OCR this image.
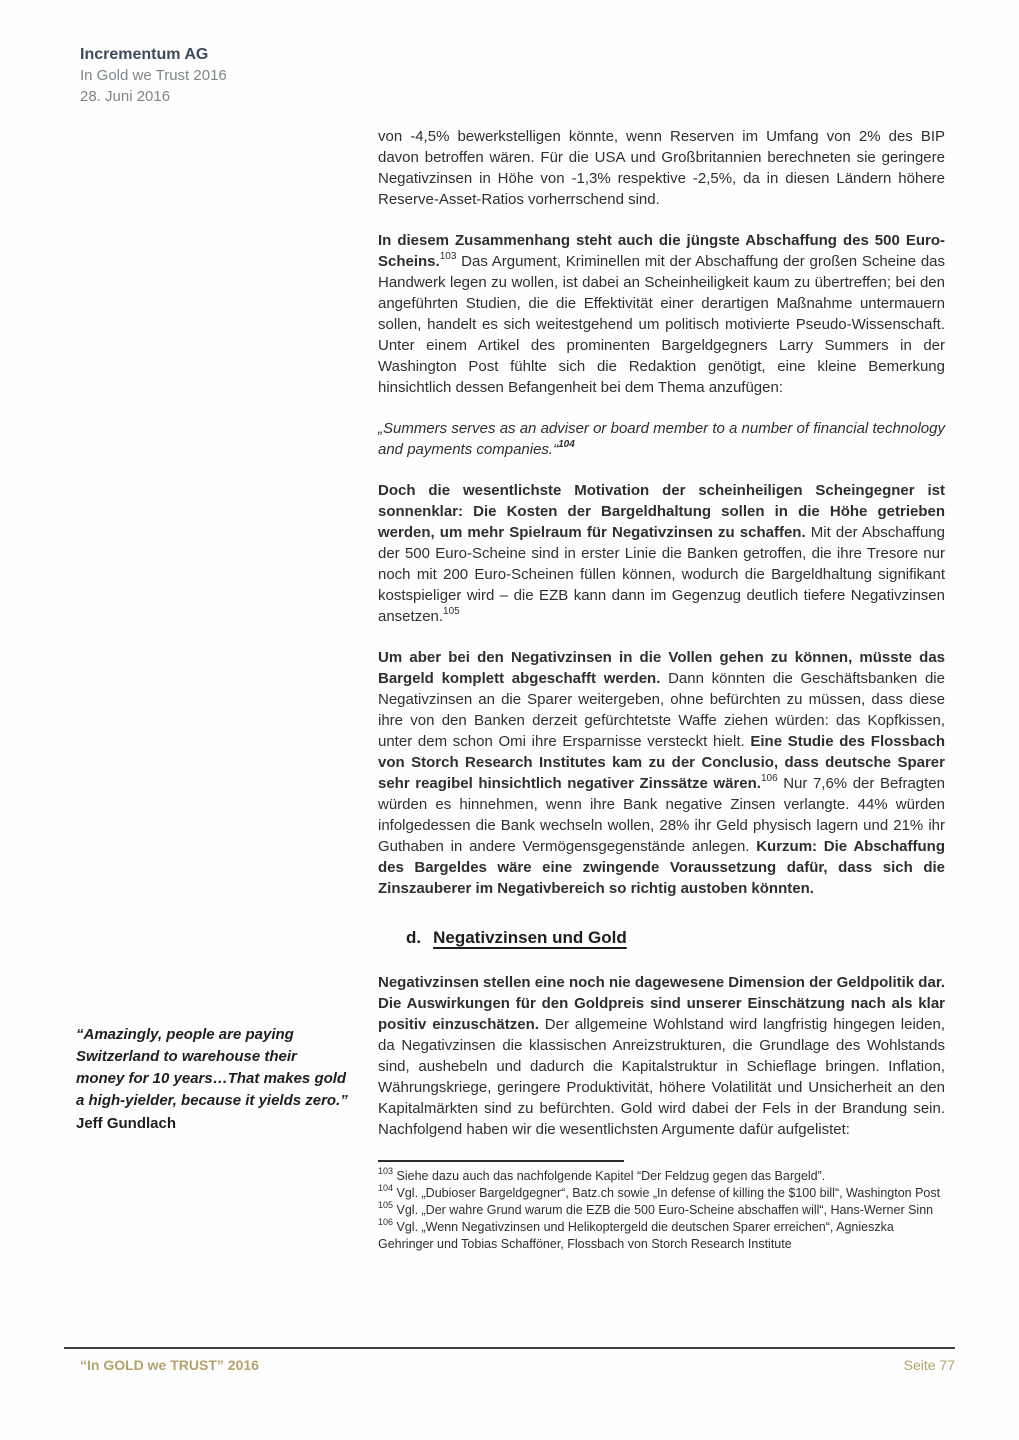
Incrementum AG
In Gold we Trust 2016
28. Juni 2016
“Amazingly, people are paying Switzerland to warehouse their money for 10 years…That makes gold a high-yielder, because it yields zero.”
Jeff Gundlach

von -4,5% bewerkstelligen könnte, wenn Reserven im Umfang von 2% des BIP davon betroffen wären. Für die USA und Großbritannien berechneten sie geringere Negativzinsen in Höhe von -1,3% respektive -2,5%, da in diesen Ländern höhere Reserve-Asset-Ratios vorherrschend sind.

In diesem Zusammenhang steht auch die jüngste Abschaffung des 500 Euro-Scheins.$^{103}$ Das Argument, Kriminellen mit der Abschaffung der großen Scheine das Handwerk legen zu wollen, ist dabei an Scheinheiligkeit kaum zu übertreffen; bei den angeführten Studien, die die Effektivität einer derartigen Maßnahme untermauern sollen, handelt es sich weitestgehend um politisch motivierte Pseudo-Wissenschaft. Unter einem Artikel des prominenten Bargeldgegners Larry Summers in der Washington Post fühlte sich die Redaktion genötigt, eine kleine Bemerkung hinsichtlich dessen Befangenheit bei dem Thema anzufügen:

„Summers serves as an adviser or board member to a number of financial technology and payments companies.“$^{104}$

Doch die wesentlichste Motivation der scheinheiligen Scheingegner ist sonnenklar: Die Kosten der Bargeldhaltung sollen in die Höhe getrieben werden, um mehr Spielraum für Negativzinsen zu schaffen. Mit der Abschaffung der 500 Euro-Scheine sind in erster Linie die Banken getroffen, die ihre Tresore nur noch mit 200 Euro-Scheinen füllen können, wodurch die Bargeldhaltung signifikant kostspieliger wird – die EZB kann dann im Gegenzug deutlich tiefere Negativzinsen ansetzen.$^{105}$

Um aber bei den Negativzinsen in die Vollen gehen zu können, müsste das Bargeld komplett abgeschafft werden. Dann könnten die Geschäftsbanken die Negativzinsen an die Sparer weitergeben, ohne befürchten zu müssen, dass diese ihre von den Banken derzeit gefürchtetste Waffe ziehen würden: das Kopfkissen, unter dem schon Omi ihre Ersparnisse versteckt hielt. Eine Studie des Flossbach von Storch Research Institutes kam zu der Conclusio, dass deutsche Sparer sehr reagibel hinsichtlich negativer Zinssätze wären.$^{106}$ Nur 7,6% der Befragten würden es hinnehmen, wenn ihre Bank negative Zinsen verlangte. 44% würden infolgedessen die Bank wechseln wollen, 28% ihr Geld physisch lagern und 21% ihr Guthaben in andere Vermögensgegenstände anlegen. Kurzum: Die Abschaffung des Bargeldes wäre eine zwingende Voraussetzung dafür, dass sich die Zinszauberer im Negativbereich so richtig austoben könnten.

d. Negativzinsen und Gold

Negativzinsen stellen eine noch nie dagewesene Dimension der Geldpolitik dar. Die Auswirkungen für den Goldpreis sind unserer Einschätzung nach als klar positiv einzuschätzen. Der allgemeine Wohlstand wird langfristig hingegen leiden, da Negativzinsen die klassischen Anreizstrukturen, die Grundlage des Wohlstands sind, aushebeln und dadurch die Kapitalstruktur in Schieflage bringen. Inflation, Währungskriege, geringere Produktivität, höhere Volatilität und Unsicherheit an den Kapitalmärkten sind zu befürchten. Gold wird dabei der Fels in der Brandung sein. Nachfolgend haben wir die wesentlichsten Argumente dafür aufgelistet:

$^{103}$ Siehe dazu auch das nachfolgende Kapitel “Der Feldzug gegen das Bargeld”.
$^{104}$ Vgl. „Dubioser Bargeldgegner“, Batz.ch sowie „In defense of killing the $100 bill“, Washington Post
$^{105}$ Vgl. „Der wahre Grund warum die EZB die 500 Euro-Scheine abschaffen will“, Hans-Werner Sinn
$^{106}$ Vgl. „Wenn Negativzinsen und Helikoptergeld die deutschen Sparer erreichen“, Agnieszka Gehringer und Tobias Schafföner, Flossbach von Storch Research Institute
“In GOLD we TRUST” 2016	Seite 77
